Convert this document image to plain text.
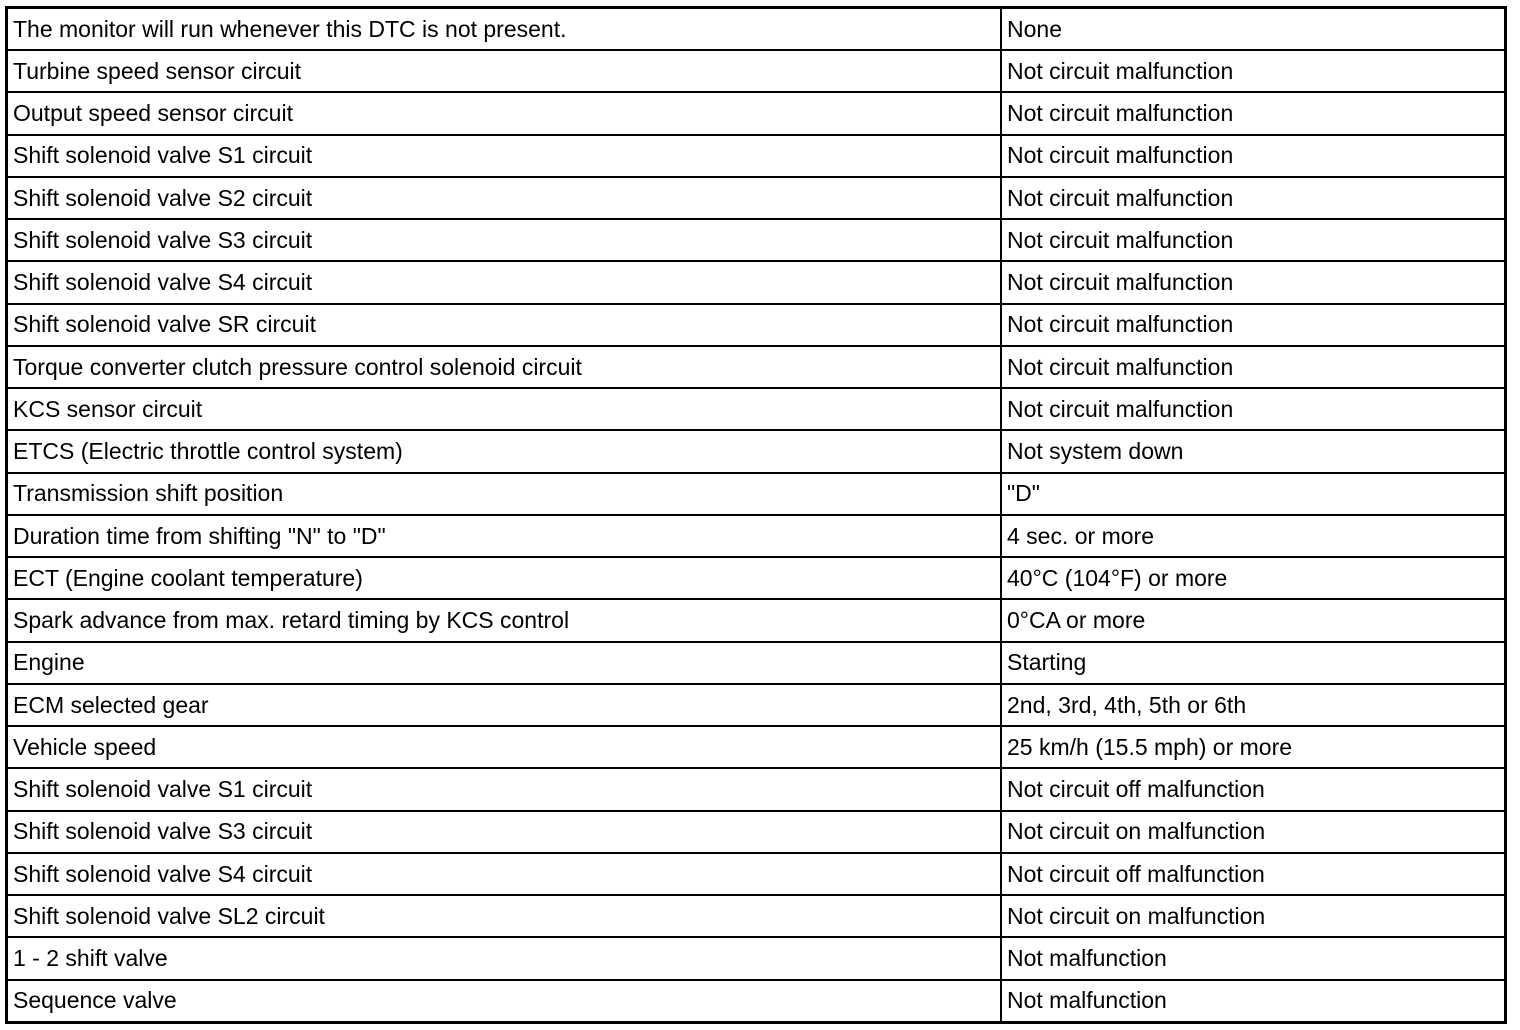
The monitor will run whenever this DTC is not present.	None
Turbine speed sensor circuit	Not circuit malfunction
Output speed sensor circuit	Not circuit malfunction
Shift solenoid valve S1 circuit	Not circuit malfunction
Shift solenoid valve S2 circuit	Not circuit malfunction
Shift solenoid valve S3 circuit	Not circuit malfunction
Shift solenoid valve S4 circuit	Not circuit malfunction
Shift solenoid valve SR circuit	Not circuit malfunction
Torque converter clutch pressure control solenoid circuit	Not circuit malfunction
KCS sensor circuit	Not circuit malfunction
ETCS (Electric throttle control system)	Not system down
Transmission shift position	"D"
Duration time from shifting "N" to "D"	4 sec. or more
ECT (Engine coolant temperature)	40°C (104°F) or more
Spark advance from max. retard timing by KCS control	0°CA or more
Engine	Starting
ECM selected gear	2nd, 3rd, 4th, 5th or 6th
Vehicle speed	25 km/h (15.5 mph) or more
Shift solenoid valve S1 circuit	Not circuit off malfunction
Shift solenoid valve S3 circuit	Not circuit on malfunction
Shift solenoid valve S4 circuit	Not circuit off malfunction
Shift solenoid valve SL2 circuit	Not circuit on malfunction
1 - 2 shift valve	Not malfunction
Sequence valve	Not malfunction
